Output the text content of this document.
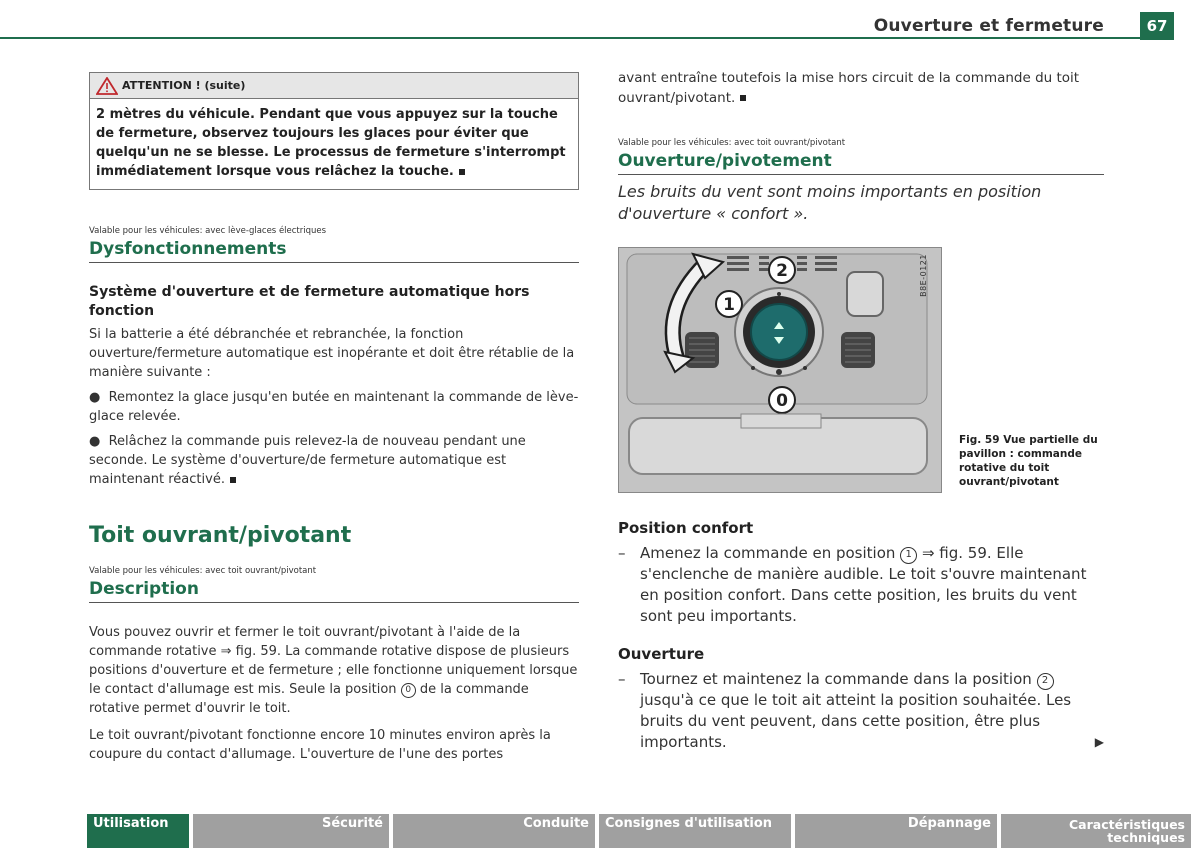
Ouverture et fermeture	67
ATTENTION ! (suite)
2 mètres du véhicule. Pendant que vous appuyez sur la touche de fermeture, observez toujours les glaces pour éviter que quelqu'un ne se blesse. Le processus de fermeture s'interrompt immédiatement lorsque vous relâchez la touche.
Valable pour les véhicules: avec lève-glaces électriques
Dysfonctionnements
Système d'ouverture et de fermeture automatique hors fonction
Si la batterie a été débranchée et rebranchée, la fonction ouverture/fermeture automatique est inopérante et doit être rétablie de la manière suivante :
●  Remontez la glace jusqu'en butée en maintenant la commande de lève-glace relevée.
●  Relâchez la commande puis relevez-la de nouveau pendant une seconde. Le système d'ouverture/de fermeture automatique est maintenant réactivé.
Toit ouvrant/pivotant
Valable pour les véhicules: avec toit ouvrant/pivotant
Description
Vous pouvez ouvrir et fermer le toit ouvrant/pivotant à l'aide de la commande rotative ⇒ fig. 59. La commande rotative dispose de plusieurs positions d'ouverture et de fermeture ; elle fonctionne uniquement lorsque le contact d'allumage est mis. Seule la position 0 de la commande rotative permet d'ouvrir le toit.
Le toit ouvrant/pivotant fonctionne encore 10 minutes environ après la coupure du contact d'allumage. L'ouverture de l'une des portes
avant entraîne toutefois la mise hors circuit de la commande du toit ouvrant/pivotant.
Valable pour les véhicules: avec toit ouvrant/pivotant
Ouverture/pivotement
Les bruits du vent sont moins importants en position d'ouverture « confort ».
1
2
0
B8E-0121
Fig. 59 Vue partielle du pavillon : commande rotative du toit ouvrant/pivotant
Position confort
– Amenez la commande en position 1 ⇒ fig. 59. Elle s'enclenche de manière audible. Le toit s'ouvre maintenant en position confort. Dans cette position, les bruits du vent sont peu importants.
Ouverture
– Tournez et maintenez la commande dans la position 2 jusqu'à ce que le toit ait atteint la position souhaitée. Les bruits du vent peuvent, dans cette position, être plus importants.	▶
Utilisation	Sécurité	Conduite	Consignes d'utilisation	Dépannage	Caractéristiques techniques
